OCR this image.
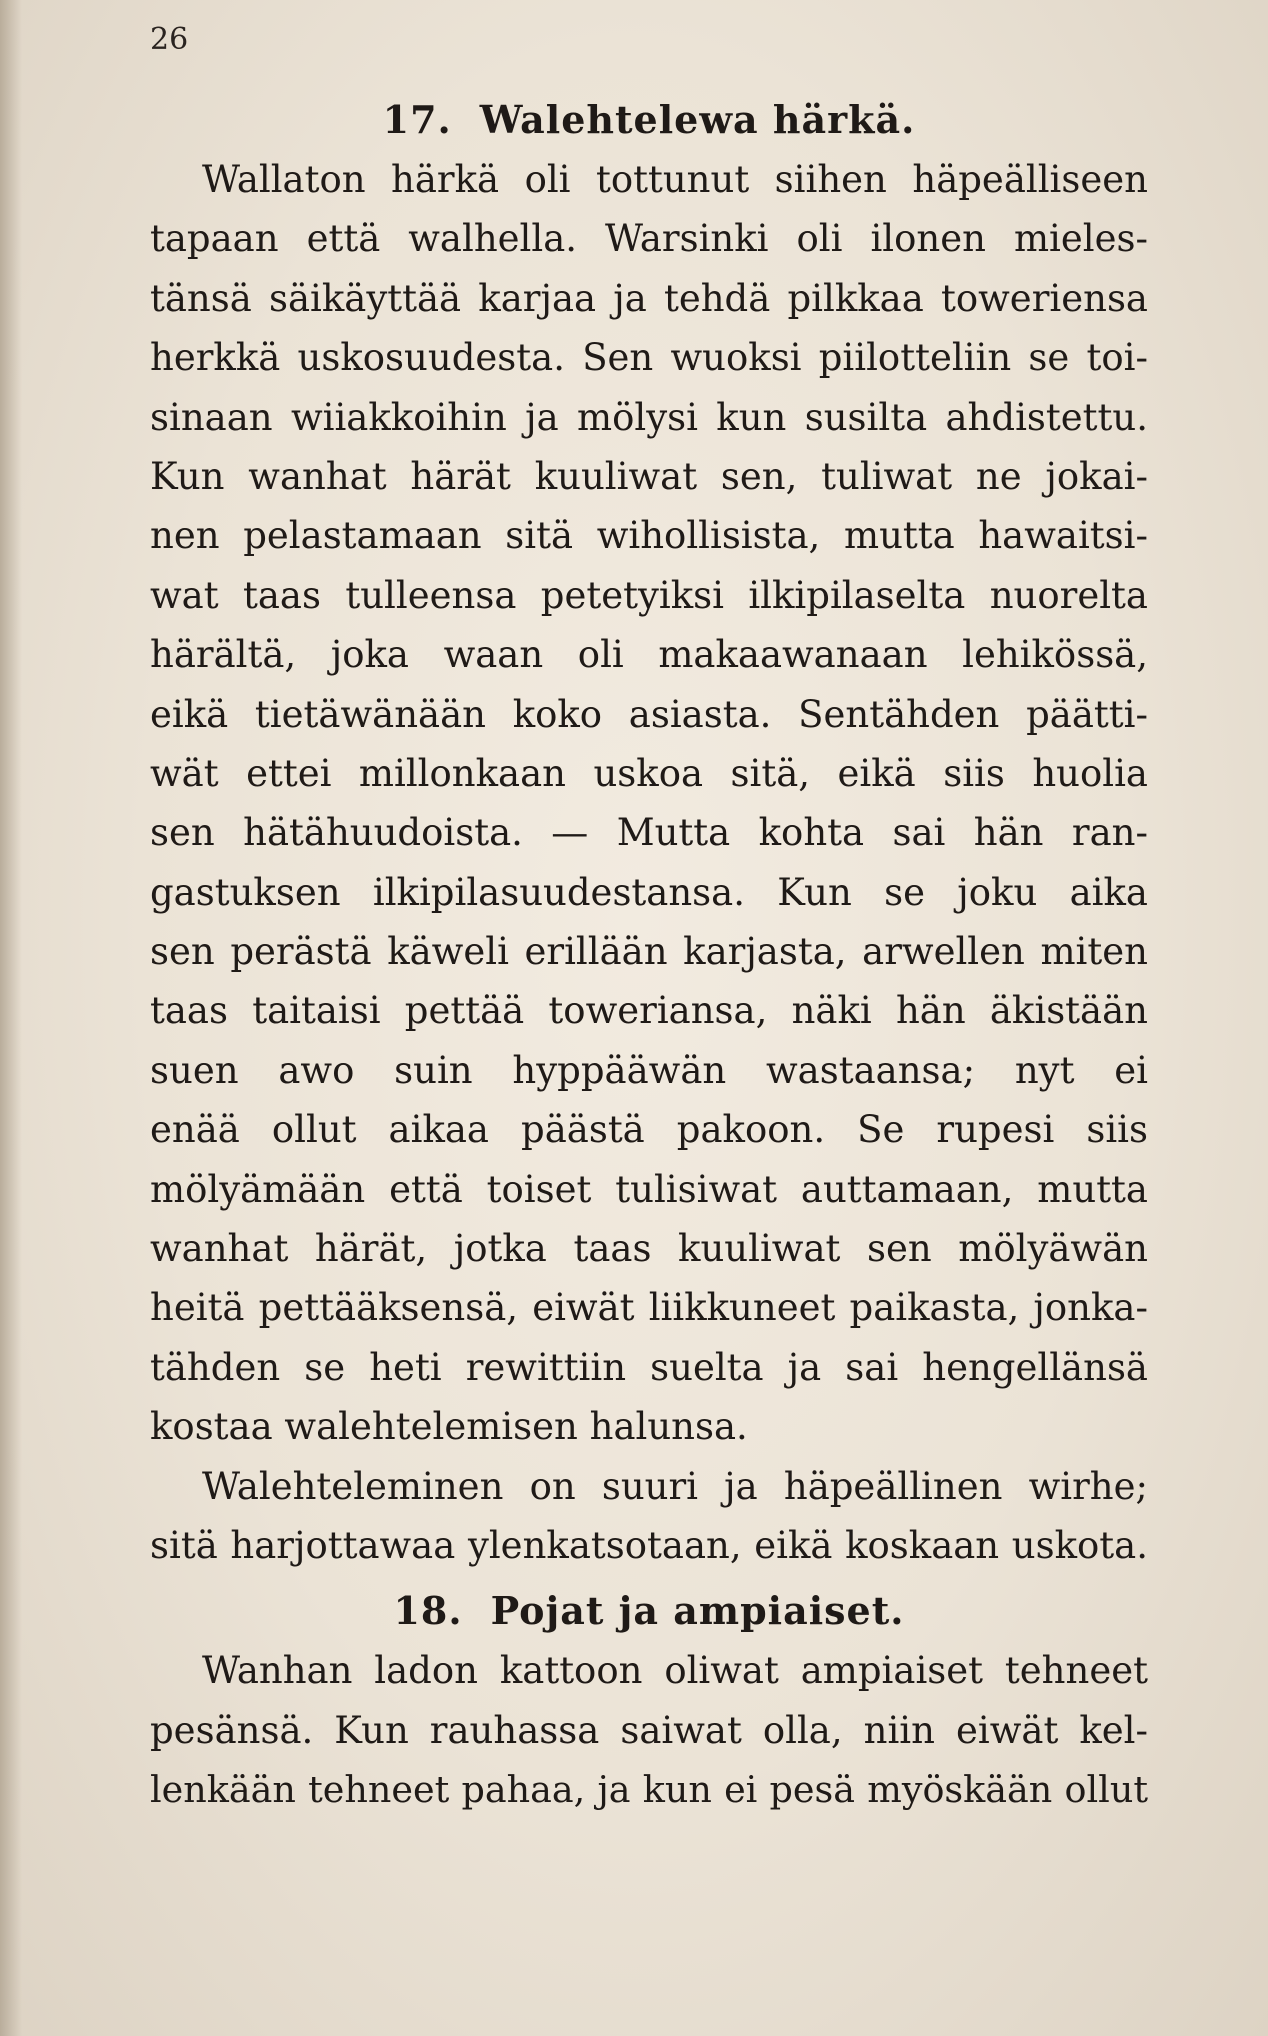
26
17. Walehtelewa härkä.
Wallaton härkä oli tottunut siihen häpeälliseen
tapaan että walhella. Warsinki oli ilonen mieles-
tänsä säikäyttää karjaa ja tehdä pilkkaa toweriensa
herkkä uskosuudesta. Sen wuoksi piilotteliin se toi-
sinaan wiiakkoihin ja mölysi kun susilta ahdistettu.
Kun wanhat härät kuuliwat sen, tuliwat ne jokai-
nen pelastamaan sitä wihollisista, mutta hawaitsi-
wat taas tulleensa petetyiksi ilkipilaselta nuorelta
härältä, joka waan oli makaawanaan lehikössä,
eikä tietäwänään koko asiasta. Sentähden päätti-
wät ettei millonkaan uskoa sitä, eikä siis huolia
sen hätähuudoista. — Mutta kohta sai hän ran-
gastuksen ilkipilasuudestansa. Kun se joku aika
sen perästä käweli erillään karjasta, arwellen miten
taas taitaisi pettää toweriansa, näki hän äkistään
suen awo suin hyppääwän wastaansa; nyt ei
enää ollut aikaa päästä pakoon. Se rupesi siis
mölyämään että toiset tulisiwat auttamaan, mutta
wanhat härät, jotka taas kuuliwat sen mölyäwän
heitä pettääksensä, eiwät liikkuneet paikasta, jonka-
tähden se heti rewittiin suelta ja sai hengellänsä
kostaa walehtelemisen halunsa.
Walehteleminen on suuri ja häpeällinen wirhe;
sitä harjottawaa ylenkatsotaan, eikä koskaan uskota.
18. Pojat ja ampiaiset.
Wanhan ladon kattoon oliwat ampiaiset tehneet
pesänsä. Kun rauhassa saiwat olla, niin eiwät kel-
lenkään tehneet pahaa, ja kun ei pesä myöskään ollut
